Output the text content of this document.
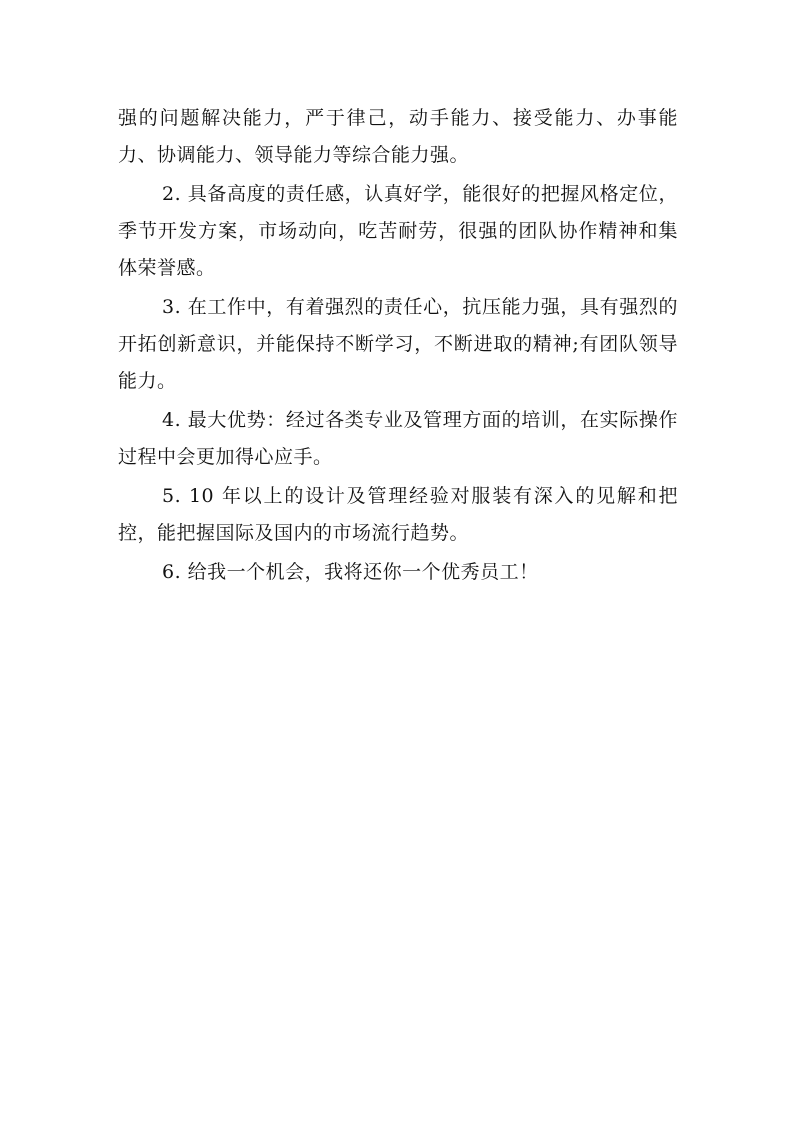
强的问题解决能力，严于律己，动手能力、接受能力、办事能力、协调能力、领导能力等综合能力强。

2. 具备高度的责任感，认真好学，能很好的把握风格定位，季节开发方案，市场动向，吃苦耐劳，很强的团队协作精神和集体荣誉感。

3. 在工作中，有着强烈的责任心，抗压能力强，具有强烈的开拓创新意识，并能保持不断学习，不断进取的精神;有团队领导能力。

4. 最大优势：经过各类专业及管理方面的培训，在实际操作过程中会更加得心应手。

5. 10 年以上的设计及管理经验对服装有深入的见解和把控，能把握国际及国内的市场流行趋势。

6. 给我一个机会，我将还你一个优秀员工！
